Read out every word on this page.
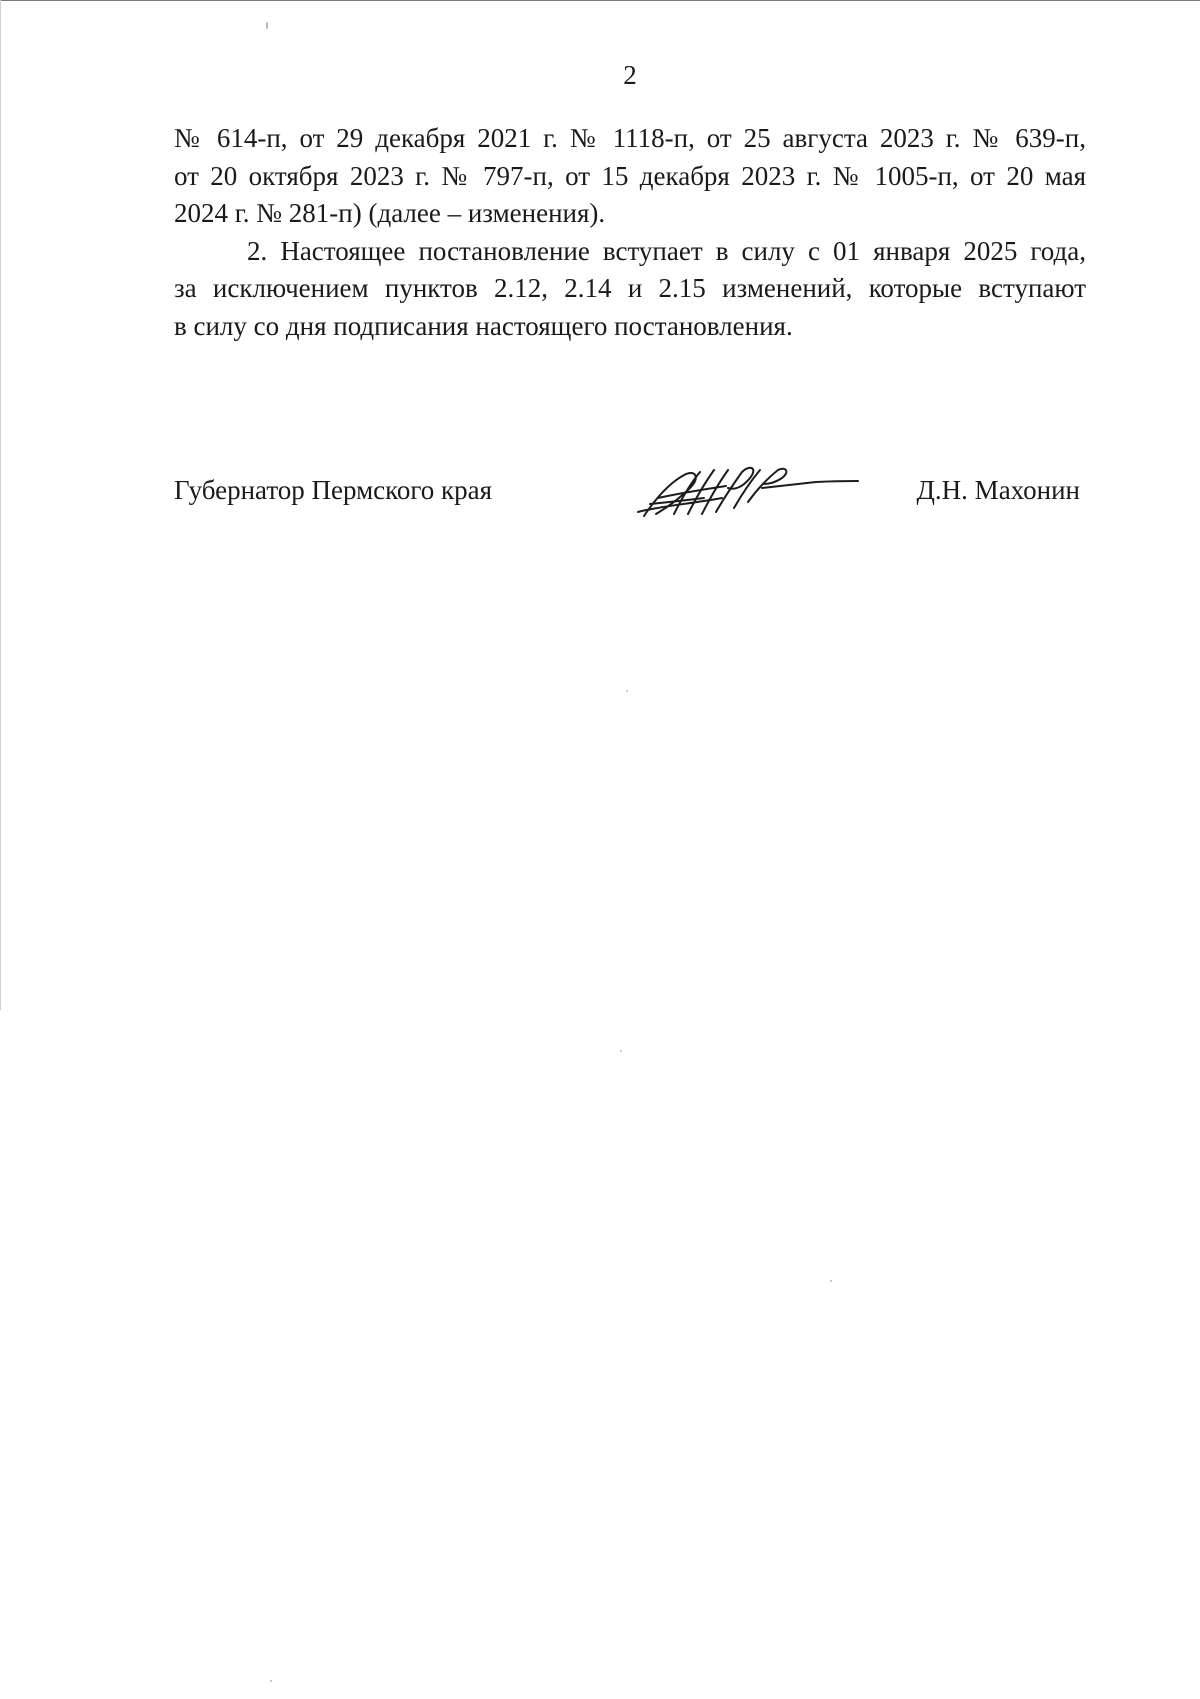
2

№ 614-п, от 29 декабря 2021 г. № 1118-п, от 25 августа 2023 г. № 639-п,
от 20 октября 2023 г. № 797-п, от 15 декабря 2023 г. № 1005-п, от 20 мая
2024 г. № 281-п) (далее – изменения).

2. Настоящее постановление вступает в силу с 01 января 2025 года,
за исключением пунктов 2.12, 2.14 и 2.15 изменений, которые вступают
в силу со дня подписания настоящего постановления.

Губернатор Пермского края	Д.Н. Махонин
